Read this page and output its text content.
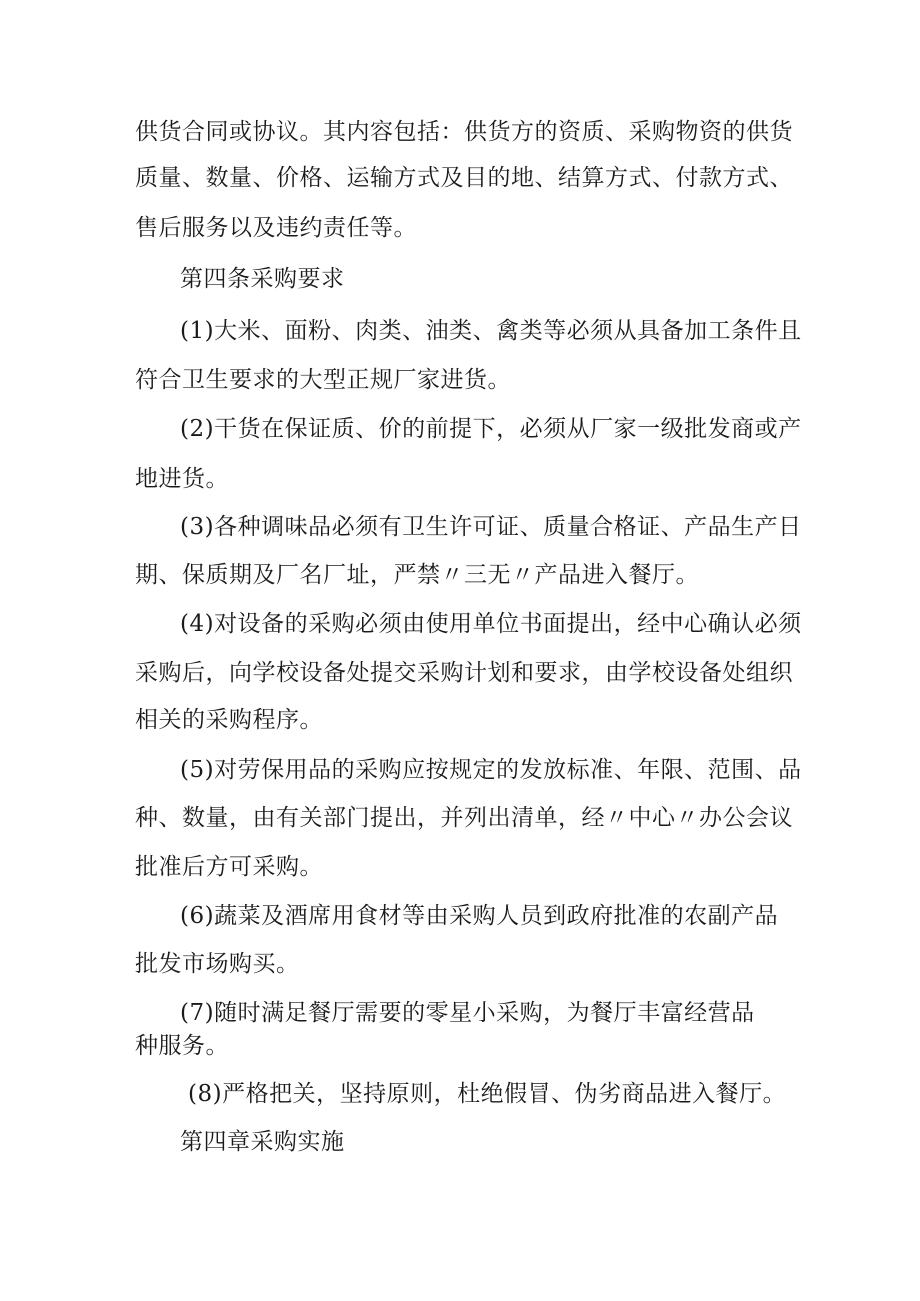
供货合同或协议。其内容包括：供货方的资质、采购物资的供货
质量、数量、价格、运输方式及目的地、结算方式、付款方式、
售后服务以及违约责任等。
第四条采购要求
(1)大米、面粉、肉类、油类、禽类等必须从具备加工条件且
符合卫生要求的大型正规厂家进货。
(2)干货在保证质、价的前提下，必须从厂家一级批发商或产
地进货。
(3)各种调味品必须有卫生许可证、质量合格证、产品生产日
期、保质期及厂名厂址，严禁〃三无〃产品进入餐厅。
(4)对设备的采购必须由使用单位书面提出，经中心确认必须
采购后，向学校设备处提交采购计划和要求，由学校设备处组织
相关的采购程序。
(5)对劳保用品的采购应按规定的发放标准、年限、范围、品
种、数量，由有关部门提出，并列出清单，经〃中心〃办公会议
批准后方可采购。
(6)蔬菜及酒席用食材等由采购人员到政府批准的农副产品
批发市场购买。
(7)随时满足餐厅需要的零星小采购，为餐厅丰富经营品
种服务。
(8)严格把关，坚持原则，杜绝假冒、伪劣商品进入餐厅。
第四章采购实施
